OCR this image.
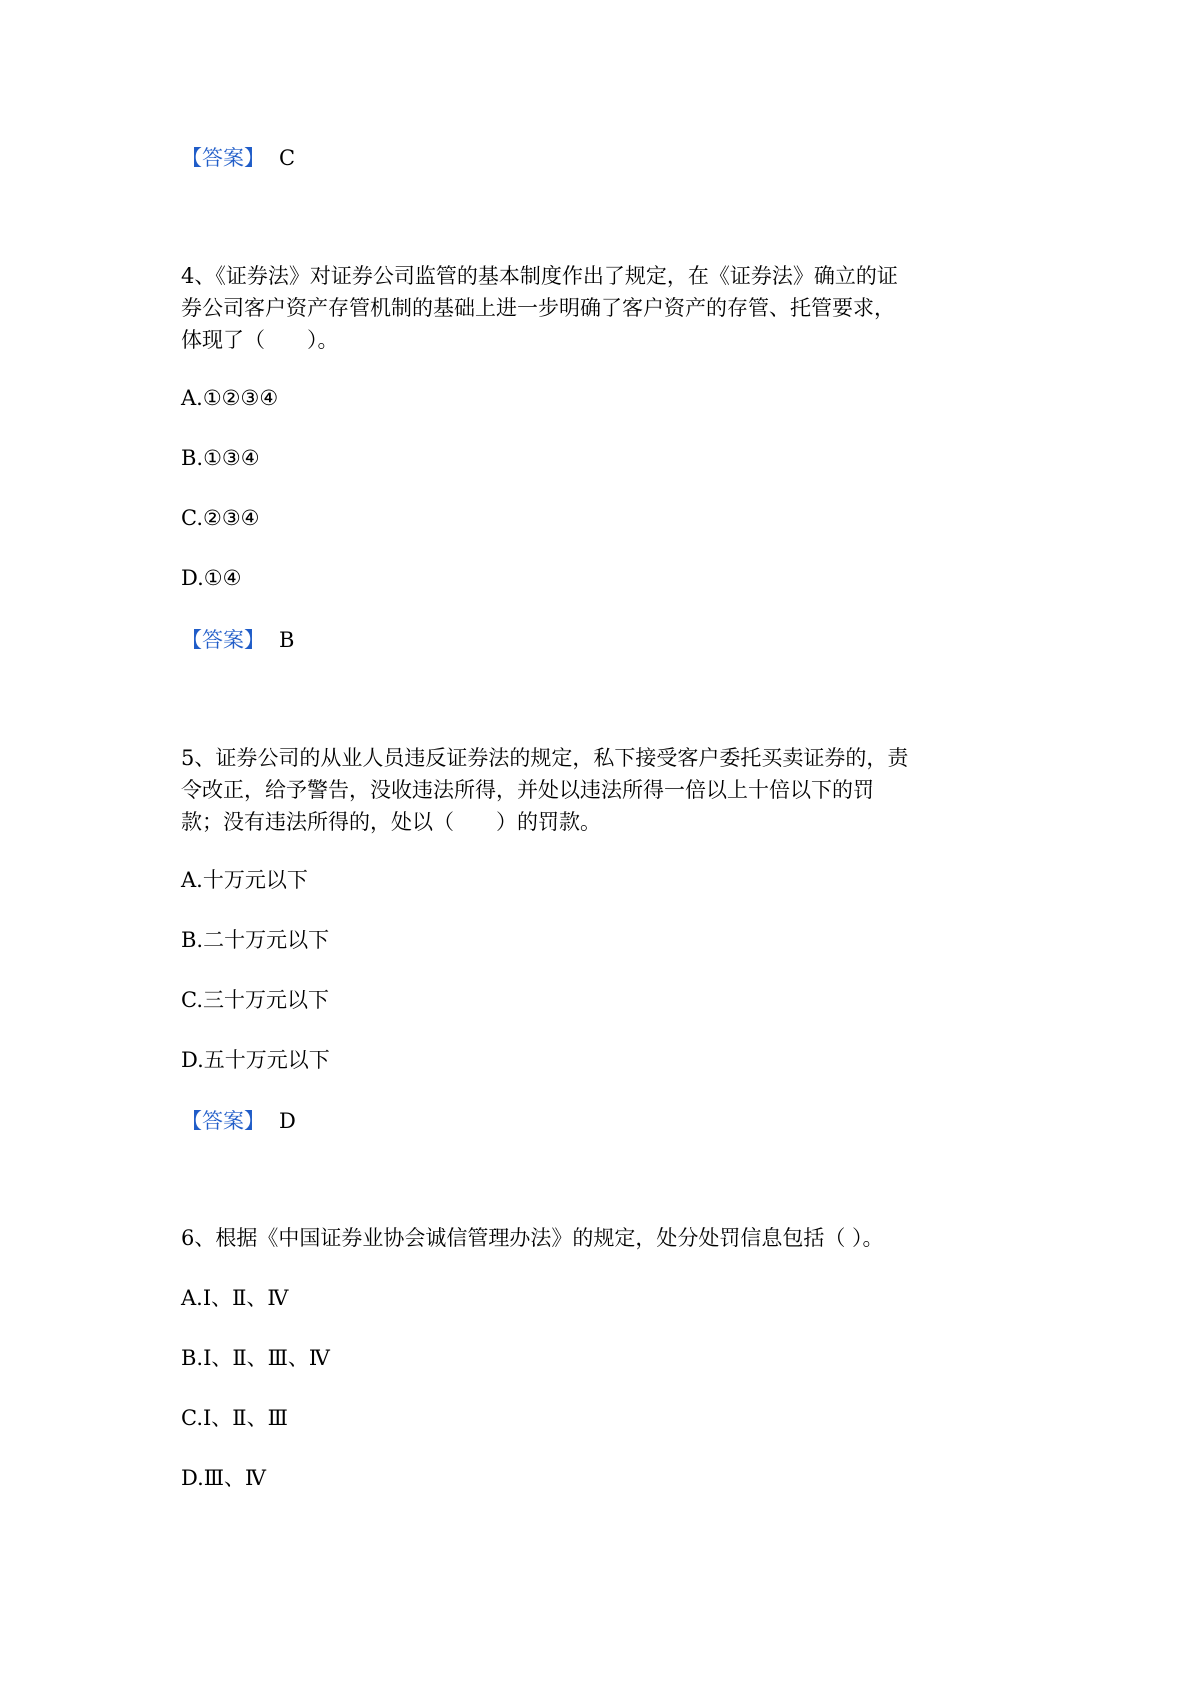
【答案】 C
4、《证券法》对证券公司监管的基本制度作出了规定，在《证券法》确立的证
券公司客户资产存管机制的基础上进一步明确了客户资产的存管、托管要求，
体现了（　　）。
A.①②③④
B.①③④
C.②③④
D.①④
【答案】 B
5、证券公司的从业人员违反证券法的规定，私下接受客户委托买卖证券的，责
令改正，给予警告，没收违法所得，并处以违法所得一倍以上十倍以下的罚
款；没有违法所得的，处以（　　）的罚款。
A.十万元以下
B.二十万元以下
C.三十万元以下
D.五十万元以下
【答案】 D
6、根据《中国证券业协会诚信管理办法》的规定，处分处罚信息包括（ ）。
A.Ⅰ、Ⅱ、Ⅳ
B.Ⅰ、Ⅱ、Ⅲ、Ⅳ
C.Ⅰ、Ⅱ、Ⅲ
D.Ⅲ、Ⅳ
